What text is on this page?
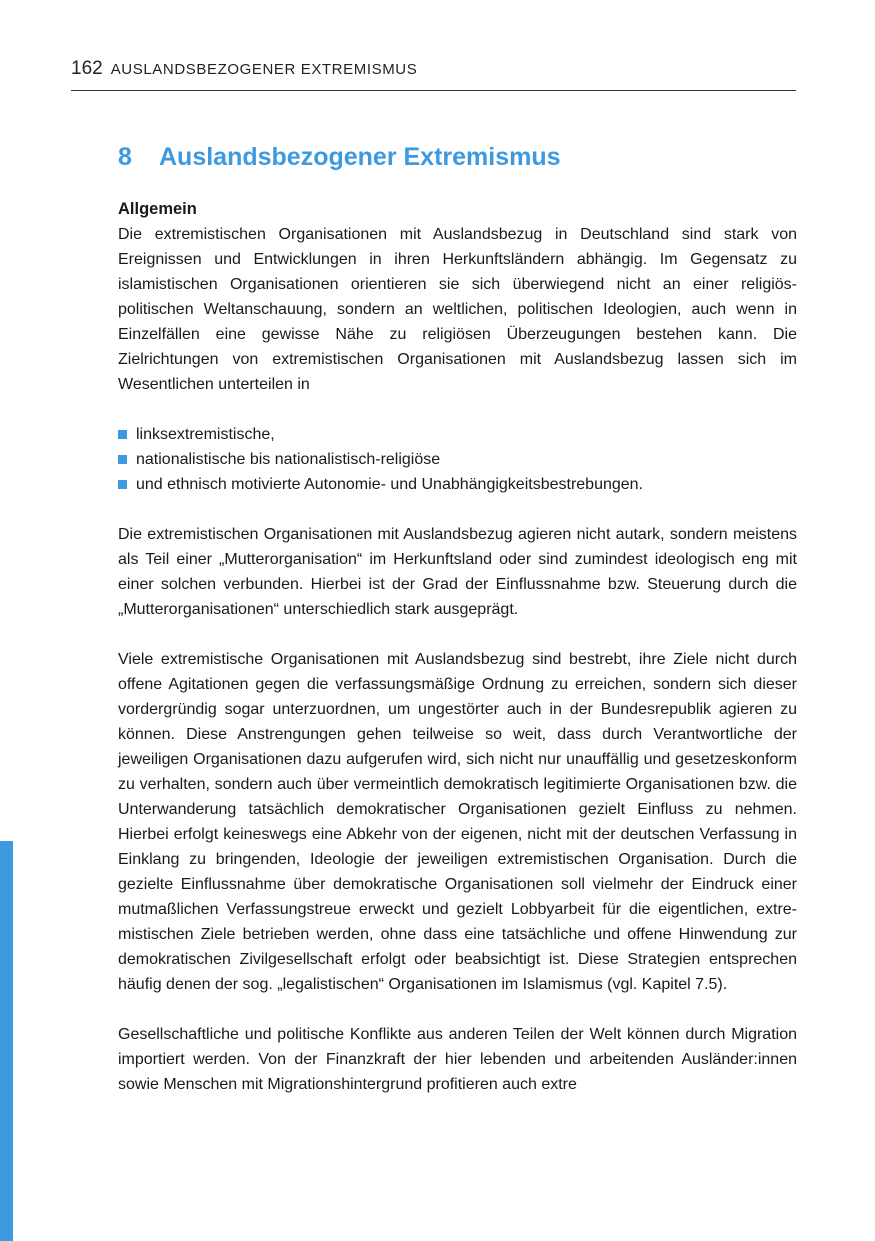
162 AUSLANDSBEZOGENER EXTREMISMUS
8	Auslandsbezogener Extremismus
Allgemein

Die extremistischen Organisationen mit Auslandsbezug in Deutschland sind stark von Ereignissen und Entwicklungen in ihren Herkunftsländern abhängig. Im Gegensatz zu islamistischen Organisationen orientieren sie sich überwiegend nicht an einer religiös-politischen Weltanschauung, sondern an weltlichen, politischen Ideologien, auch wenn in Einzelfällen eine gewisse Nähe zu religiösen Überzeugungen bestehen kann. Die Zielrichtungen von extremistischen Organisationen mit Auslandsbezug lassen sich im Wesentlichen unterteilen in

linksextremistische,
nationalistische bis nationalistisch-religiöse
und ethnisch motivierte Autonomie- und Unabhängigkeitsbestrebungen.

Die extremistischen Organisationen mit Auslandsbezug agieren nicht autark, sondern meistens als Teil einer „Mutterorganisation“ im Herkunftsland oder sind zumindest ideologisch eng mit einer solchen verbunden. Hierbei ist der Grad der Einflussnahme bzw. Steuerung durch die „Mutterorganisationen“ unterschiedlich stark ausgeprägt.

Viele extremistische Organisationen mit Auslandsbezug sind bestrebt, ihre Ziele nicht durch offene Agitationen gegen die verfassungsmäßige Ordnung zu erreichen, sondern sich dieser vordergründig sogar unterzuordnen, um ungestörter auch in der Bundesrepublik agieren zu können. Diese Anstrengungen gehen teilweise so weit, dass durch Verantwortliche der jeweiligen Organisationen dazu aufgerufen wird, sich nicht nur unauffällig und gesetzeskonform zu verhalten, sondern auch über vermeintlich demokratisch legitimierte Organisationen bzw. die Unterwanderung tatsächlich demokratischer Organisationen gezielt Einfluss zu nehmen. Hierbei erfolgt keineswegs eine Abkehr von der eigenen, nicht mit der deutschen Verfassung in Einklang zu bringenden, Ideologie der jeweiligen extremistischen Organisation. Durch die gezielte Einflussnahme über demokratische Organisationen soll vielmehr der Eindruck einer mutmaßlichen Verfassungstreue erweckt und gezielt Lobbyarbeit für die eigentlichen, extremistischen Ziele betrieben werden, ohne dass eine tatsächliche und offene Hinwendung zur demokratischen Zivilgesellschaft erfolgt oder beabsichtigt ist. Diese Strategien entsprechen häufig denen der sog. „legalistischen“ Organisationen im Islamismus (vgl. Kapitel 7.5).

Gesellschaftliche und politische Konflikte aus anderen Teilen der Welt können durch Migration importiert werden. Von der Finanzkraft der hier lebenden und arbeitenden Ausländer:innen sowie Menschen mit Migrationshintergrund profitieren auch extre
